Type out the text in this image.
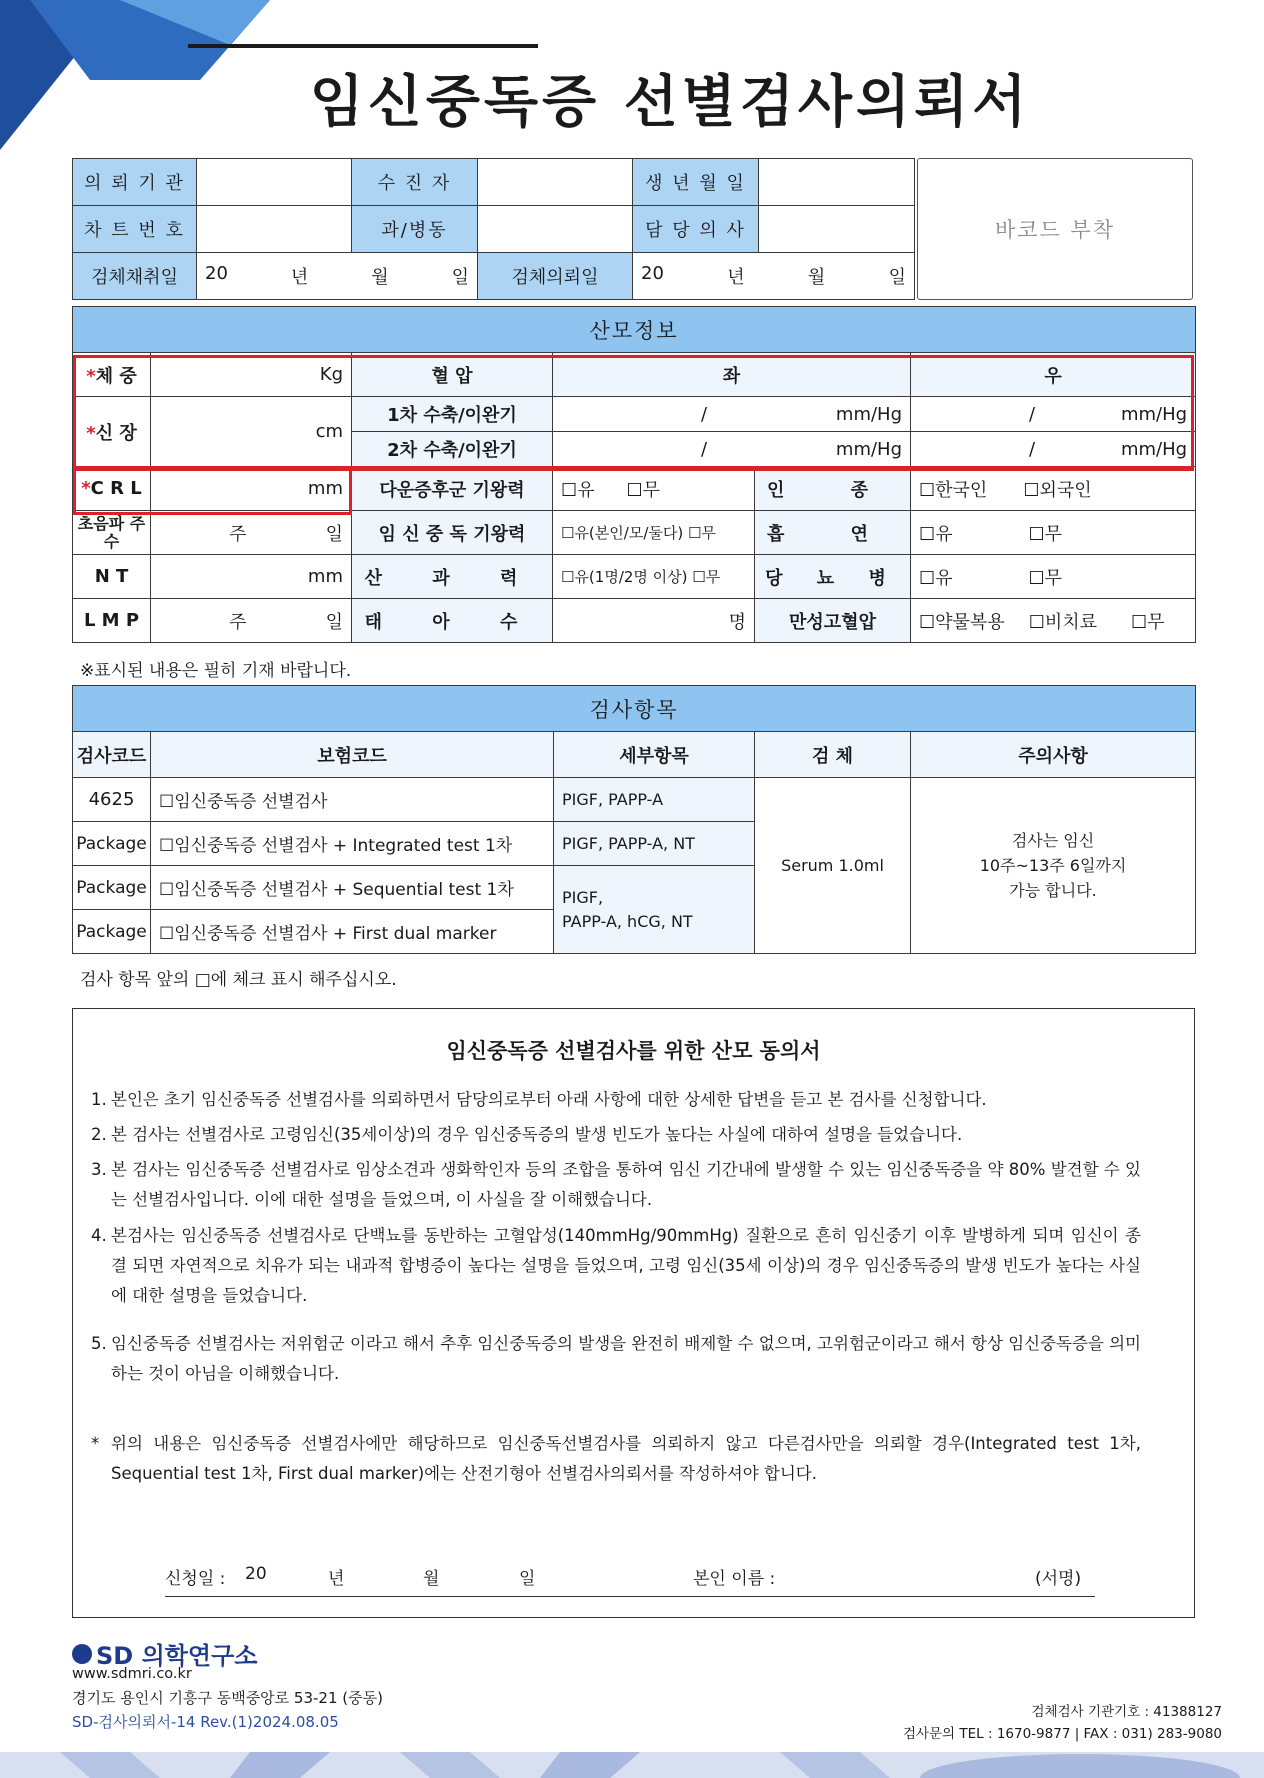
임신중독증 선별검사의뢰서
의 뢰 기 관		수 진 자		생 년 월 일	
차 트 번 호		과/병동		담 당 의 사	
검체채취일	20 년 월 일		검체의뢰일	20 년 월 일	
바코드 부착
산모정보					
*체 중	Kg	혈 압	좌		우
*신 장	cm	1차 수축/이완기	/ mm/Hg		/ mm/Hg

		2차 수축/이완기	/ mm/Hg		/ mm/Hg

*C R L	mm	다운증후군 기왕력	☐유 ☐무	인 종	☐한국인 ☐외국인
초음파 주수	주 일	임 신 중 독 기왕력	☐유(본인/모/둘다) ☐무	흡 연	☐유 ☐무
N T	mm	산 과 력	☐유(1명/2명 이상) ☐무	당 뇨 병	☐유 ☐무
L M P	주 일	태 아 수	명	만성고혈압	☐약물복용 ☐비치료 ☐무
※표시된 내용은 필히 기재 바랍니다.
검사항목				
검사코드	보험코드	세부항목	검 체	주의사항
4625	☐임신중독증 선별검사	PIGF, PAPP-A	Serum 1.0ml	검사는 임신
10주~13주 6일까지
가능 합니다.

Package	☐임신중독증 선별검사 + Integrated test 1차	PIGF, PAPP-A, NT		
Package	☐임신중독증 선별검사 + Sequential test 1차	PIGF,
PAPP-A, hCG, NT		

Package	☐임신중독증 선별검사 + First dual marker			
검사 항목 앞의 □에 체크 표시 해주십시오.
임신중독증 선별검사를 위한 산모 동의서
1. 본인은 초기 임신중독증 선별검사를 의뢰하면서 담당의로부터 아래 사항에 대한 상세한 답변을 듣고 본 검사를 신청합니다.
2. 본 검사는 선별검사로 고령임신(35세이상)의 경우 임신중독증의 발생 빈도가 높다는 사실에 대하여 설명을 들었습니다.
3. 본 검사는 임신중독증 선별검사로 임상소견과 생화학인자 등의 조합을 통하여 임신 기간내에 발생할 수 있는 임신중독증을 약 80% 발견할 수 있는 선별검사입니다. 이에 대한 설명을 들었으며, 이 사실을 잘 이해했습니다.
4. 본검사는 임신중독증 선별검사로 단백뇨를 동반하는 고혈압성(140mmHg/90mmHg) 질환으로 흔히 임신중기 이후 발병하게 되며 임신이 종결 되면 자연적으로 치유가 되는 내과적 합병증이 높다는 설명을 들었으며, 고령 임신(35세 이상)의 경우 임신중독증의 발생 빈도가 높다는 사실에 대한 설명을 들었습니다.
5. 임신중독증 선별검사는 저위험군 이라고 해서 추후 임신중독증의 발생을 완전히 배제할 수 없으며, 고위험군이라고 해서 항상 임신중독증을 의미하는 것이 아님을 이해했습니다.
* 위의 내용은 임신중독증 선별검사에만 해당하므로 임신중독선별검사를 의뢰하지 않고 다른검사만을 의뢰할 경우(Integrated test 1차, Sequential test 1차, First dual marker)에는 산전기형아 선별검사의뢰서를 작성하셔야 합니다.
신청일 : 20	년	월	일	본인 이름 :	(서명)
SD 의학연구소
www.sdmri.co.kr
경기도 용인시 기흥구 동백중앙로 53-21 (중동)
SD-검사의뢰서-14 Rev.(1)2024.08.05
검체검사 기관기호 : 41388127
검사문의 TEL : 1670-9877 | FAX : 031) 283-9080
